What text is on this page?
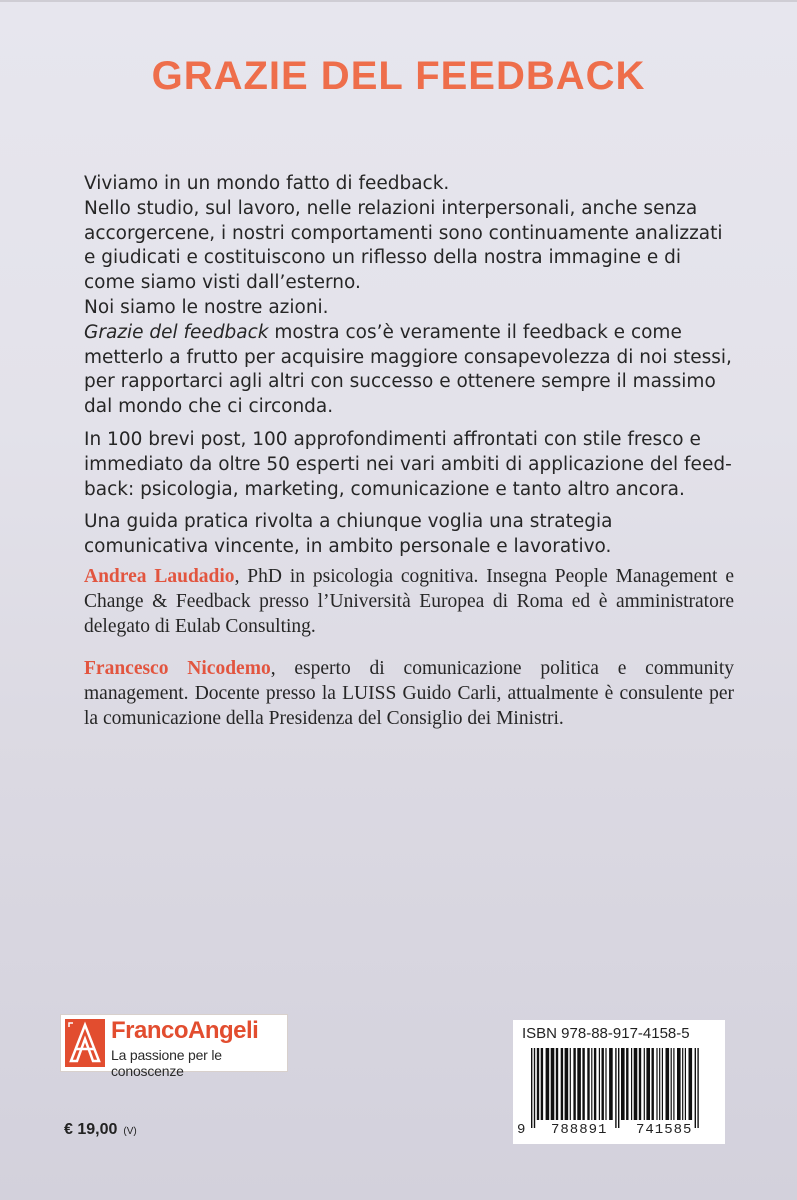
GRAZIE DEL FEEDBACK

Viviamo in un mondo fatto di feedback.

Nello studio, sul lavoro, nelle relazioni interpersonali, anche senza accorgercene, i nostri comportamenti sono continuamente analizzati e giudicati e costituiscono un riflesso della nostra immagine e di come siamo visti dall’esterno.

Noi siamo le nostre azioni.

Grazie del feedback mostra cos’è veramente il feedback e come metterlo a frutto per acquisire maggiore consapevolezza di noi stessi, per rapportarci agli altri con successo e ottenere sempre il massimo dal mondo che ci circonda.

In 100 brevi post, 100 approfondimenti affrontati con stile fresco e immediato da oltre 50 esperti nei vari ambiti di applicazione del feed-back: psicologia, marketing, comunicazione e tanto altro ancora.

Una guida pratica rivolta a chiunque voglia una strategia comunicativa vincente, in ambito personale e lavorativo.

Andrea Laudadio, PhD in psicologia cognitiva. Insegna People Management e Change & Feedback presso l’Università Europea di Roma ed è amministratore delegato di Eulab Consulting.
Francesco Nicodemo, esperto di comunicazione politica e community management. Docente presso la LUISS Guido Carli, attualmente è consulente per la comunicazione della Presidenza del Consiglio dei Ministri.
FrancoAngeli
La passione per le conoscenze
€ 19,00 (V)
ISBN 978-88-917-4158-5
9 788891 741585
